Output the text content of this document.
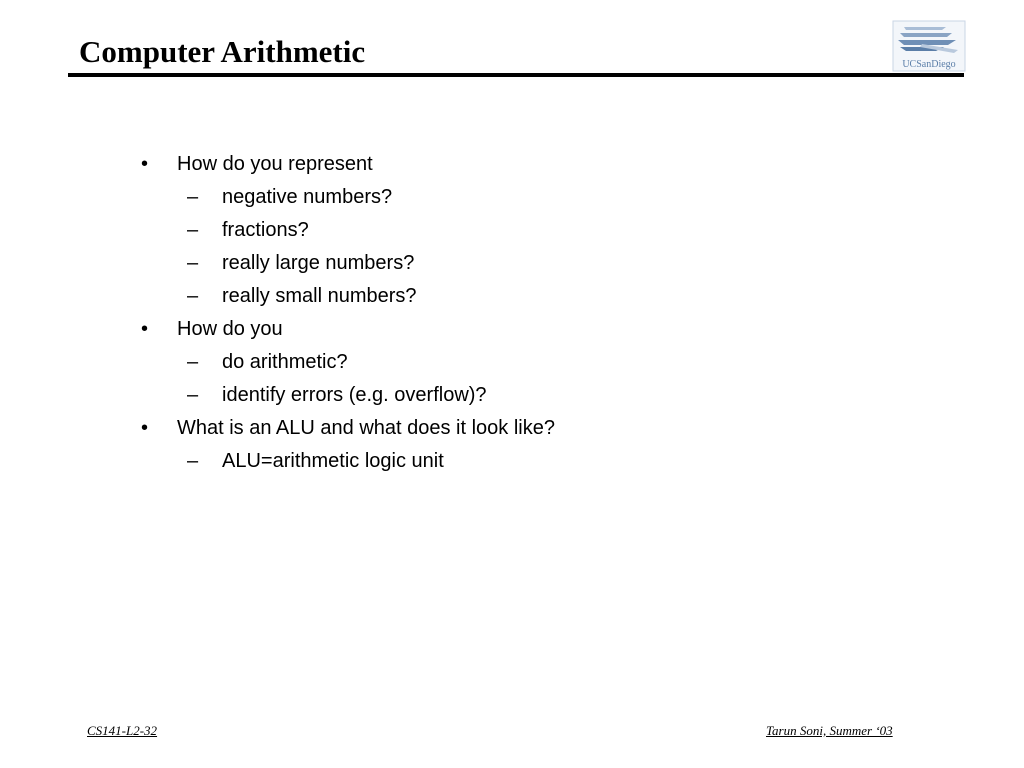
Computer Arithmetic	UCSanDiego
• How do you represent
– negative numbers?
– fractions?
– really large numbers?
– really small numbers?
• How do you
– do arithmetic?
– identify errors (e.g. overflow)?
• What is an ALU and what does it look like?
– ALU=arithmetic logic unit
CS141-L2-32	Tarun Soni, Summer ‘03
